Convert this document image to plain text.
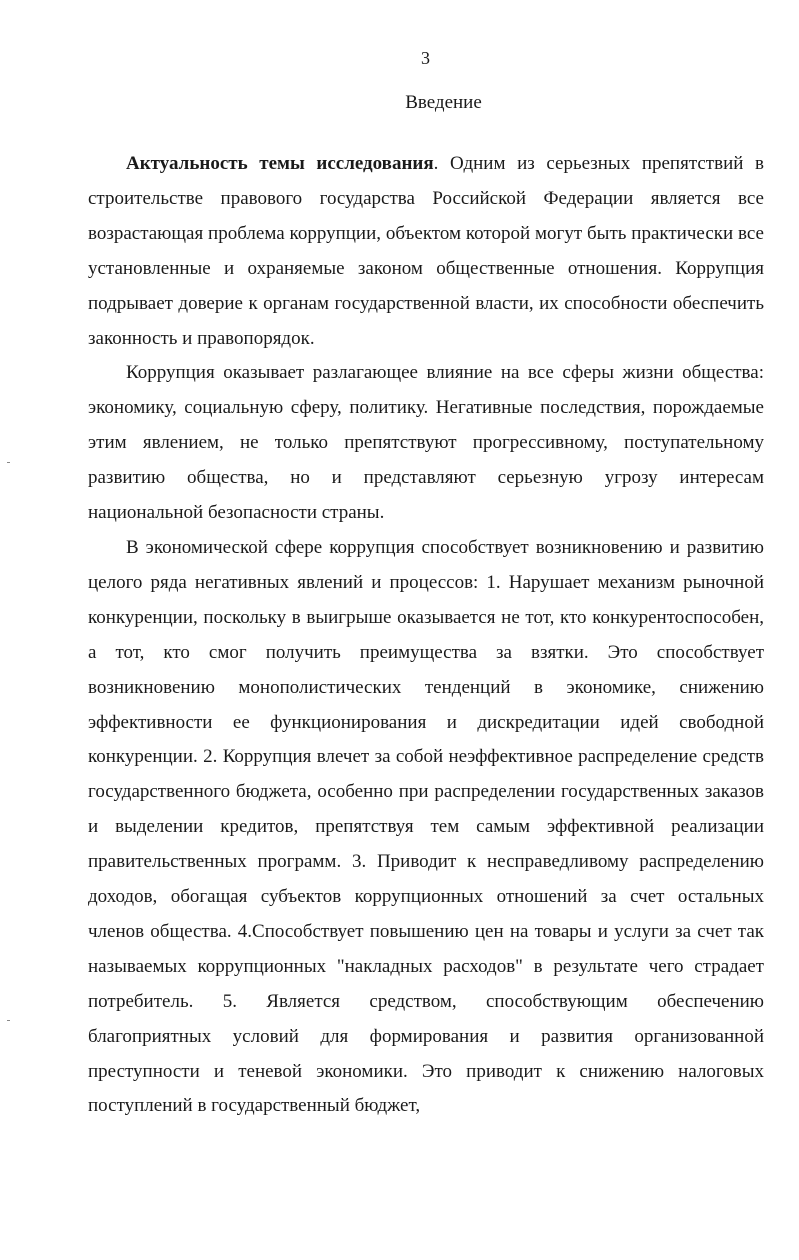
3
Введение

Актуальность темы исследования. Одним из серьезных препятствий в строительстве правового государства Российской Федерации является все возрастающая проблема коррупции, объектом которой могут быть практически все установленные и охраняемые законом общественные отношения. Коррупция подрывает доверие к органам государственной власти, их способности обеспечить законность и правопорядок.

Коррупция оказывает разлагающее влияние на все сферы жизни общества: экономику, социальную сферу, политику. Негативные последствия, порождаемые этим явлением, не только препятствуют прогрессивному, поступательному развитию общества, но и представляют серьезную угрозу интересам национальной безопасности страны.

В экономической сфере коррупция способствует возникновению и развитию целого ряда негативных явлений и процессов: 1. Нарушает механизм рыночной конкуренции, поскольку в выигрыше оказывается не тот, кто конкурентоспособен, а тот, кто смог получить преимущества за взятки. Это способствует возникновению монополистических тенденций в экономике, снижению эффективности ее функционирования и дискредитации идей свободной конкуренции. 2. Коррупция влечет за собой неэффективное распределение средств государственного бюджета, особенно при распределении государственных заказов и выделении кредитов, препятствуя тем самым эффективной реализации правительственных программ. 3. Приводит к несправедливому распределению доходов, обогащая субъектов коррупционных отношений за счет остальных членов общества. 4.Способствует повышению цен на товары и услуги за счет так называемых коррупционных "накладных расходов" в результате чего страдает потребитель. 5. Является средством, способствующим обеспечению благоприятных условий для формирования и развития организованной преступности и теневой экономики. Это приводит к снижению налоговых поступлений в государственный бюджет,
